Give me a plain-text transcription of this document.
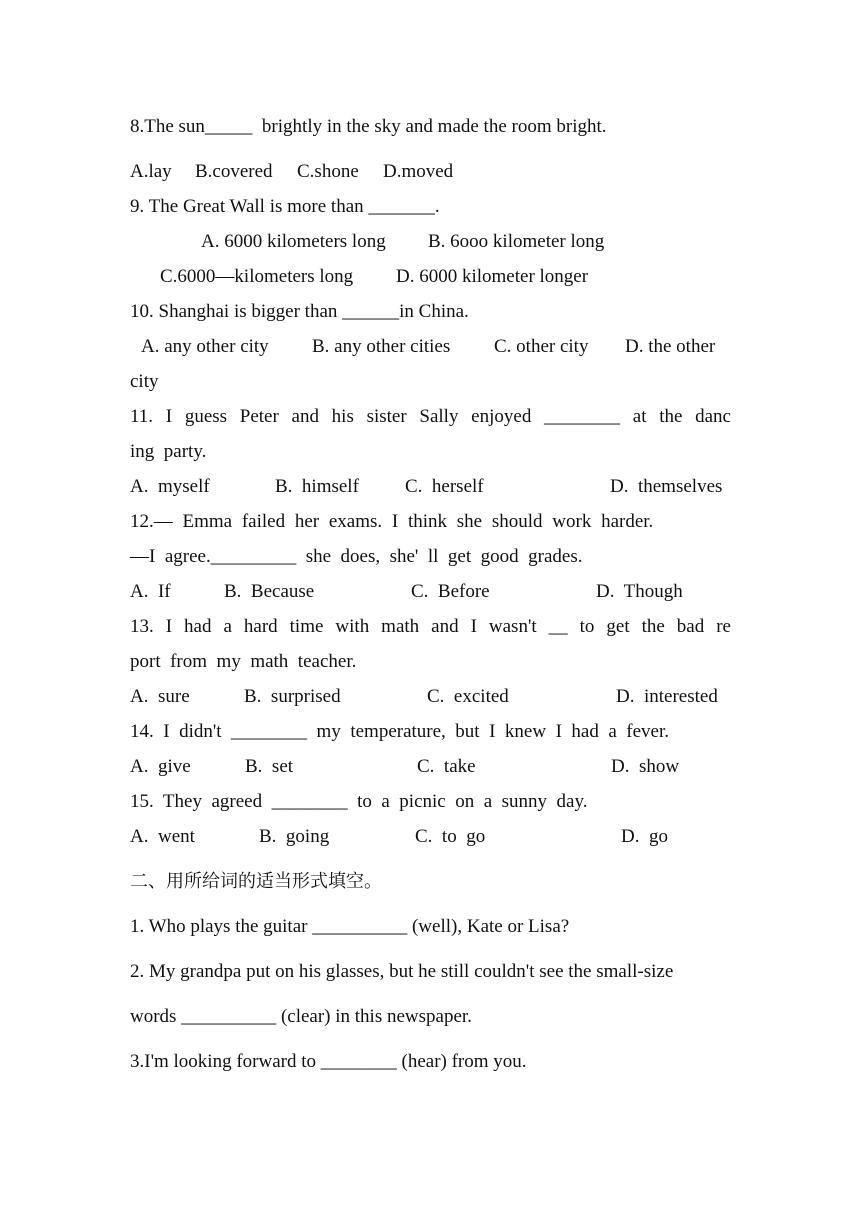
8.The sun_____  brightly in the sky and made the room bright.
A.lay B.covered C.shone D.moved
9. The Great Wall is more than _______.
A. 6000 kilometers long B. 6ooo kilometer long
C.6000—kilometers long D. 6000 kilometer longer
10. Shanghai is bigger than ______in China.
A. any other city B. any other cities C. other city D. the other
city
11. I guess Peter and his sister Sally enjoyed ________ at the danc
ing  party.
A.  myself	B.  himself C.  herself	D.  themselves
12.— Emma failed her exams. I think she should work harder.
—I  agree._________  she  does,  she'  ll  get  good  grades.
A.  If	B.  Because	C.  Before	D.  Though
13. I had a hard time with math and I wasn't __ to get the bad re
port  from  my  math  teacher.
A.  sure	B.  surprised	C.  excited	D.  interested
14.  I  didn't  ________  my  temperature,  but  I  knew  I  had  a  fever.
A.  give	B.  set	C.  take	D.  show
15.  They  agreed  ________  to  a  picnic  on  a  sunny  day.
A.  went	B.  going	C.  to  go	D.  go
二、用所给词的适当形式填空。
1. Who plays the guitar __________ (well), Kate or Lisa?
2. My grandpa put on his glasses, but he still couldn't see the small-size
words __________ (clear) in this newspaper.
3.I'm looking forward to ________ (hear) from you.
